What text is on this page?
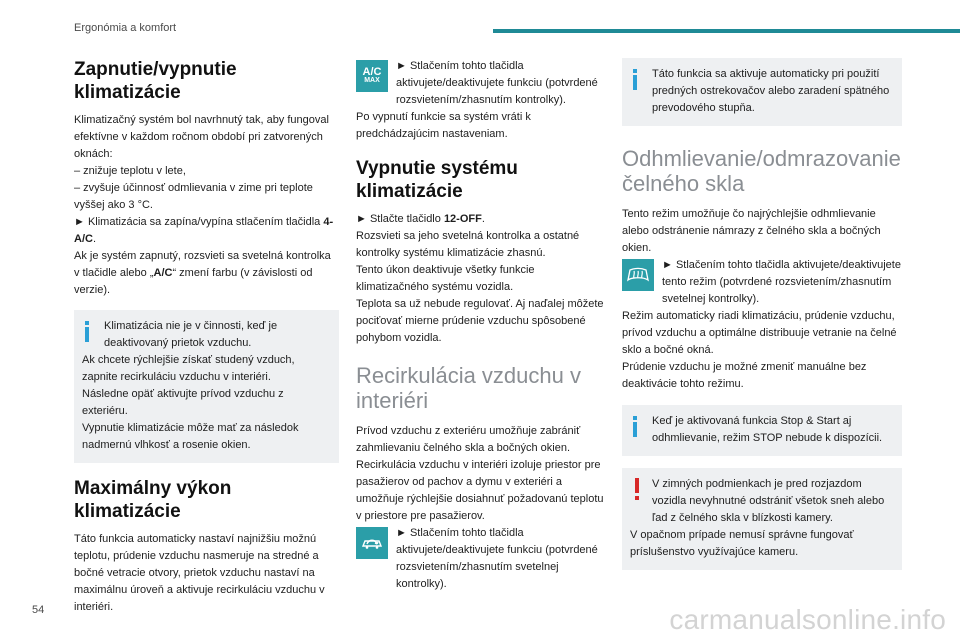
Ergonómia a komfort
Zapnutie/vypnutie klimatizácie

Klimatizačný systém bol navrhnutý tak, aby fungoval efektívne v každom ročnom období pri zatvorených oknách:

– znižuje teplotu v lete,

– zvyšuje účinnosť odmlievania v zime pri teplote vyššej ako 3 °C.

► Klimatizácia sa zapína/vypína stlačením tlačidla 4-A/C.

Ak je systém zapnutý, rozsvieti sa svetelná kontrolka v tlačidle alebo „A/C“ zmení farbu (v závislosti od verzie).

Klimatizácia nie je v činnosti, keď je deaktivovaný prietok vzduchu.

Ak chcete rýchlejšie získať studený vzduch, zapnite recirkuláciu vzduchu v interiéri.

Následne opäť aktivujte prívod vzduchu z exteriéru.

Vypnutie klimatizácie môže mať za následok nadmernú vlhkosť a rosenie okien.

Maximálny výkon klimatizácie

Táto funkcia automaticky nastaví najnižšiu možnú teplotu, prúdenie vzduchu nasmeruje na stredné a bočné vetracie otvory, prietok vzduchu nastaví na maximálnu úroveň a aktivuje recirkuláciu vzduchu v interiéri.

A/C
MAX

► Stlačením tohto tlačidla aktivujete/deaktivujete funkciu (potvrdené rozsvietením/zhasnutím kontrolky).

Po vypnutí funkcie sa systém vráti k predchádzajúcim nastaveniam.

Vypnutie systému klimatizácie

► Stlačte tlačidlo 12-OFF.

Rozsvieti sa jeho svetelná kontrolka a ostatné kontrolky systému klimatizácie zhasnú.

Tento úkon deaktivuje všetky funkcie klimatizačného systému vozidla.

Teplota sa už nebude regulovať. Aj naďalej môžete pociťovať mierne prúdenie vzduchu spôsobené pohybom vozidla.

Recirkulácia vzduchu v interiéri

Prívod vzduchu z exteriéru umožňuje zabrániť zahmlievaniu čelného skla a bočných okien. Recirkulácia vzduchu v interiéri izoluje priestor pre pasažierov od pachov a dymu v exteriéri a umožňuje rýchlejšie dosiahnuť požadovanú teplotu v priestore pre pasažierov.

► Stlačením tohto tlačidla aktivujete/deaktivujete funkciu (potvrdené rozsvietením/zhasnutím svetelnej kontrolky).

Táto funkcia sa aktivuje automaticky pri použití predných ostrekovačov alebo zaradení spätného prevodového stupňa.

Odhmlievanie/odmrazovanie čelného skla

Tento režim umožňuje čo najrýchlejšie odhmlievanie alebo odstránenie námrazy z čelného skla a bočných okien.

► Stlačením tohto tlačidla aktivujete/deaktivujete tento režim (potvrdené rozsvietením/zhasnutím svetelnej kontrolky).

Režim automaticky riadi klimatizáciu, prúdenie vzduchu, prívod vzduchu a optimálne distribuuje vetranie na čelné sklo a bočné okná.

Prúdenie vzduchu je možné zmeniť manuálne bez deaktivácie tohto režimu.

Keď je aktivovaná funkcia Stop & Start aj odhmlievanie, režim STOP nebude k dispozícii.

V zimných podmienkach je pred rozjazdom vozidla nevyhnutné odstrániť všetok sneh alebo ľad z čelného skla v blízkosti kamery.

V opačnom prípade nemusí správne fungovať príslušenstvo využívajúce kameru.

54	carmanualsonline.info
